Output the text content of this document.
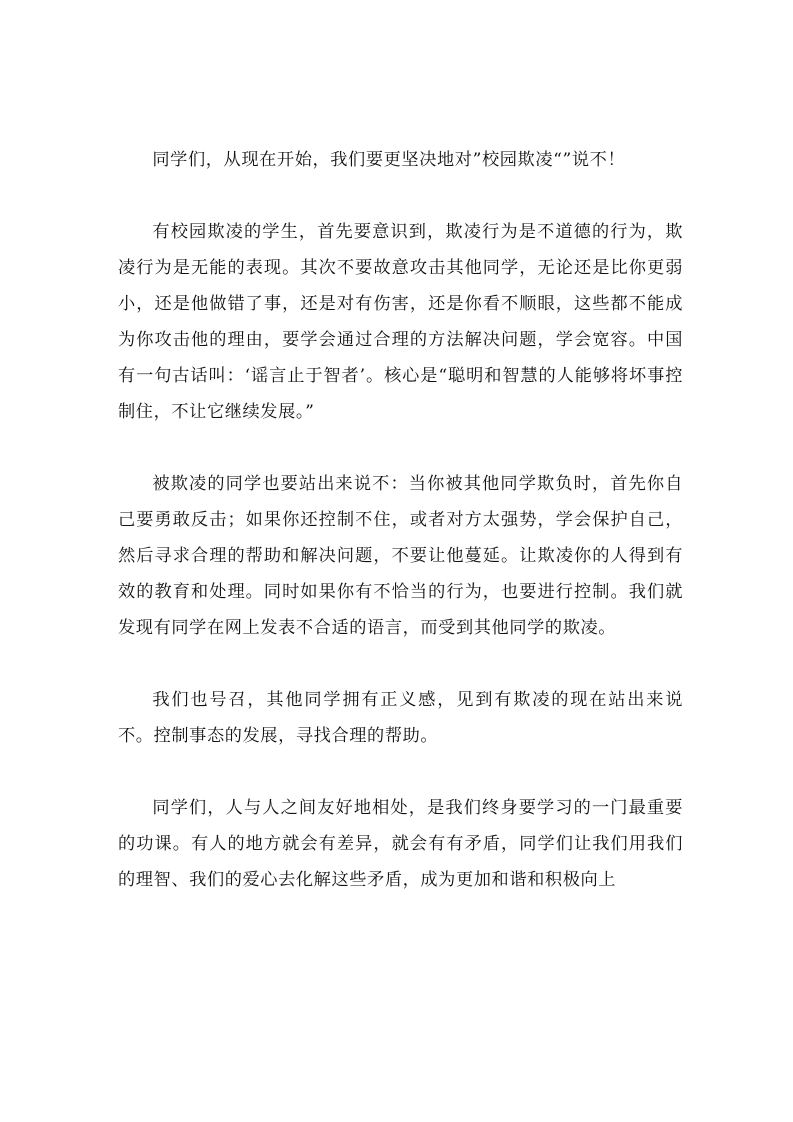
同学们，从现在开始，我们要更坚决地对”校园欺凌“”说不！

有校园欺凌的学生，首先要意识到，欺凌行为是不道德的行为，欺凌行为是无能的表现。其次不要故意攻击其他同学，无论还是比你更弱小，还是他做错了事，还是对有伤害，还是你看不顺眼，这些都不能成为你攻击他的理由，要学会通过合理的方法解决问题，学会宽容。中国有一句古话叫：‘谣言止于智者’。核心是“聪明和智慧的人能够将坏事控制住，不让它继续发展。”

被欺凌的同学也要站出来说不：当你被其他同学欺负时，首先你自己要勇敢反击；如果你还控制不住，或者对方太强势，学会保护自己，然后寻求合理的帮助和解决问题，不要让他蔓延。让欺凌你的人得到有效的教育和处理。同时如果你有不恰当的行为，也要进行控制。我们就发现有同学在网上发表不合适的语言，而受到其他同学的欺凌。

我们也号召，其他同学拥有正义感，见到有欺凌的现在站出来说不。控制事态的发展，寻找合理的帮助。

同学们，人与人之间友好地相处，是我们终身要学习的一门最重要的功课。有人的地方就会有差异，就会有有矛盾，同学们让我们用我们的理智、我们的爱心去化解这些矛盾，成为更加和谐和积极向上
